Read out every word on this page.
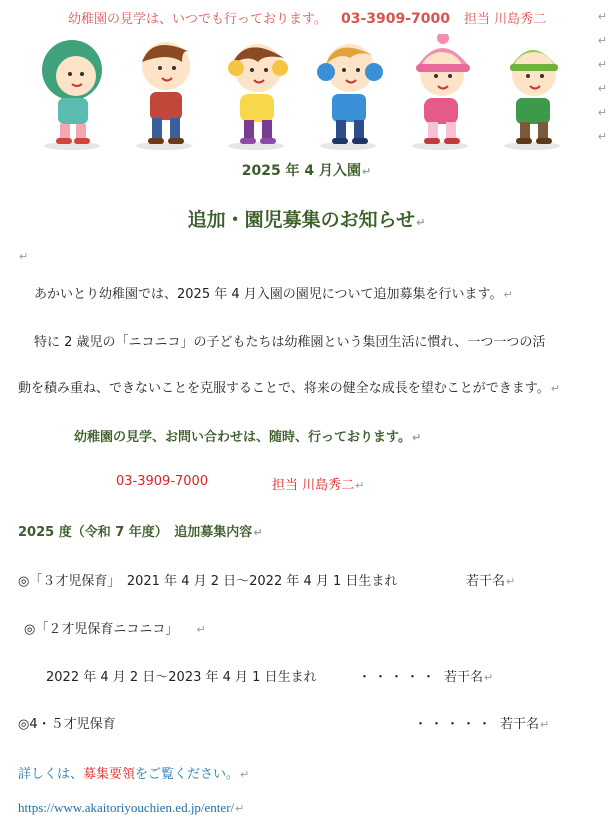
幼稚園の見学は、いつでも行っております。 03-3909-7000 担当 川島秀二	↵
↵
↵
↵
↵
↵
2025 年 4 月入園↵
追加・園児募集のお知らせ↵
↵
あかいとり幼稚園では、2025 年 4 月入園の園児について追加募集を行います。↵
特に 2 歳児の「ニコニコ」の子どもたちは幼稚園という集団生活に慣れ、一つ一つの活
動を積み重ね、できないことを克服することで、将来の健全な成長を望むことができます。↵
幼稚園の見学、お問い合わせは、随時、行っております。↵
03-3909-7000	担当 川島秀二↵
2025 度（令和 7 年度）　追加募集内容↵
◎「３才児保育」　2021 年 4 月 2 日～2022 年 4 月 1 日生まれ	若干名↵
◎「２才児保育ニコニコ」 ↵
2022 年 4 月 2 日～2023 年 4 月 1 日生まれ	・・・・・ 若干名↵
◎4・５才児保育	・・・・・ 若干名↵
詳しくは、募集要領をご覧ください。↵
https://www.akaitoriyouchien.ed.jp/enter/↵
